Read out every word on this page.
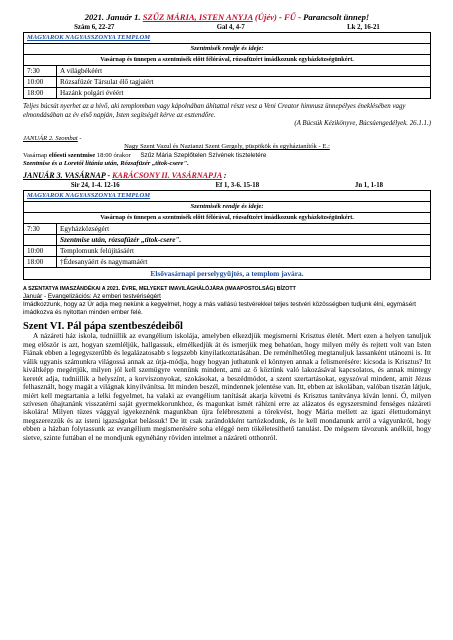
2021. Január 1. SZŰZ MÁRIA, ISTEN ANYJA (Újév) - FŰ - Parancsolt ünnep!
Szám 6, 22-27	Gal 4, 4-7	Lk 2, 16-21
MAGYAROK NAGYASSZONYA TEMPLOM	
Szentmisék rendje és ideje:	
Vasárnap és ünnepen a szentmisék előtt félórával, rózsafüzért imádkozunk egyházközségünkért.	
7:30	A világbékéért
10:00	Rózsafüzér Társulat élő tagjaiért
18:00	Hazánk polgári évéért
Teljes búcsút nyerhet az a hívő, aki templomban vagy kápolnában áhítattal részt vesz a Veni Creator himnusz ünnepélyes éneklésében vagy elmondásában az év első napján, Isten segítségét kérve az esztendőre.
(A Búcsúk Kézikönyve, Búcsúengedélyek. 26.1.1.)
JANUÁR 2. Szombat -
Nagy Szent Vazul és Nazianzi Szent Gergely, püspökök és egyháztanítók - E.:
Vasárnap előesti szentmise 18:00 órakor Szűz Mária Szeplőtelen Szívének tiszteletére
Szentmise és a Loretói litánia után, Rózsafüzér „titok-csere".
JANUÁR 3. VASÁRNAP - KARÁCSONY II. VASÁRNAPJA :
Sir 24, 1-4. 12-16	Ef 1, 3-6. 15-18	Jn 1, 1-18
MAGYAROK NAGYASSZONYA TEMPLOM	
Szentmisék rendje és ideje:	
Vasárnap és ünnepen a szentmisék előtt félórával, rózsafüzért imádkozunk egyházközségünkért.	
7:30	Egyházközségért
	Szentmise után, rózsafüzér „titok-csere".
10:00	Templomunk felújításáért
18:00	†Édesanyáért és nagymamáért
Elsővasárnapi perselygyűjtés, a templom javára.	
A SZENTATYA IMASZÁNDÉKAI A 2021. ÉVRE, MELYEKET IMAVILÁGHÁLÓJÁRA (IMAAPOSTOLSÁG) BÍZOTT
Január - Evangelizációs: Az emberi testvériségért
Imádkozzunk, hogy az Úr adja meg nekünk a kegyelmet, hogy a más vallású testvérekkel teljes testvéri közösségben tudjunk élni, egymásért imádkozva és nyitottan minden ember felé.
Szent VI. Pál pápa szentbeszédeiből
A názáreti ház iskola, tudniillik az evangélium iskolája, amelyben elkezdjük megismerni Krisztus életét. Mert ezen a helyen tanuljuk meg először is azt, hogyan szemléljük, hallgassuk, elmélkedjük át és ismerjük meg behatóan, hogy milyen mély és rejtett volt van Isten Fiának ebben a legegyszerűbb és legalázatosabb s legszebb kinyilatkoztatásában. De reménlhetőleg megtanuljuk lassanként utánozni is. Itt válik ugyanis számunkra világossá annak az útja-módja, hogy hogyan juthatunk el könnyen annak a felismerésére: kicsoda is Krisztus? Itt kiváltképp megértjük, milyen jól kell szemügyre vennünk mindent, ami az ő köztünk való lakozásával kapcsolatos, és annak mintegy keretét adja, tudniillik a helyszínt, a korviszonyokat, szokásokat, a beszédmódot, a szent szertartásokat, egyszóval mindent, amit Jézus felhasznált, hogy magát a világnak kinyilvánítsa. Itt minden beszél, mindennek jelentése van. Itt, ebben az iskolában, valóban tisztán látjuk, miért kell megtartania a lelki fegyelmet, ha valaki az evangélium tanítását akarja követni és Krisztus tanítványa kíván lenni. Ó, milyen szívesen óhajtanánk visszatérni saját gyermekkorunkhoz, és magunkat ismét ráhízni erre az alázatos és egyszersmind fenséges názáreti iskolára! Milyen tüzes vággyal igyekeznénk magunkban újra felébreszteni a törekvést, hogy Mária mellett az igazi élettudományt megszerezzük és az isteni igazságokat belássuk! De itt csak zarándokként tartózkodunk, és le kell mondanunk arról a vágyunkról, hogy ebben a házban folytassunk az evangélium megismerésére soha eléggé nem tökéletesíthető tanulást. De mégsem távozunk anélkül, hogy sietve, szinte futtában el ne mondjunk egynéhány röviden intelmet a názáreti otthonról.
